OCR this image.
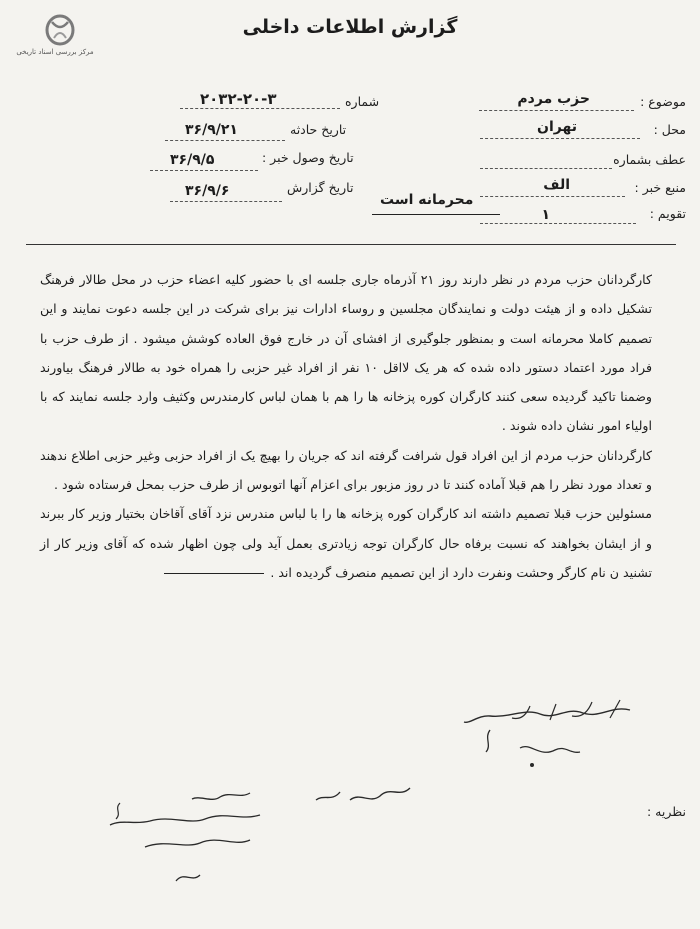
مرکز بررسی اسناد تاریخی
گزارش اطلاعات داخلی
موضوع :
حزب مردم
محل :
تهران
عطف بشماره
منبع خبر :
الف
تقویم :
۱
شماره
۲۰۳۲-۲۰-۳
تاریخ حادثه
۳۶/۹/۲۱
تاریخ وصول خبر :
۳۶/۹/۵
تاریخ گزارش
۳۶/۹/۶
محرمانه است

کارگردانان حزب مردم در نظر دارند روز ۲۱ آذرماه جاری جلسه ای با حضور کلیه اعضاء حزب در محل طالار فرهنگ تشکیل داده و از هیئت دولت و نمایندگان مجلسین و روساء ادارات نیز برای شرکت در این جلسه دعوت نمایند و این تصمیم کاملا محرمانه است و بمنظور جلوگیری از افشای آن در خارج فوق العاده کوشش میشود . از طرف حزب با فراد مورد اعتماد دستور داده شده که هر یک لااقل ۱۰ نفر از افراد غیر حزبی را همراه خود به طالار فرهنگ بیاورند وضمنا تاکید گردیده سعی کنند کارگران کوره پزخانه ها را هم با همان لباس کارمندرس وکثیف وارد جلسه نمایند که با اولیاء امور نشان داده شوند .

کارگردانان حزب مردم از این افراد قول شرافت گرفته اند که جریان را بهیچ یک از افراد حزبی وغیر حزبی اطلاع ندهند و تعداد مورد نظر را هم قبلا آماده کنند تا در روز مزبور برای اعزام آنها اتوبوس از طرف حزب بمحل فرستاده شود .

مسئولین حزب قبلا تصمیم داشته اند کارگران کوره پزخانه ها را با لباس مندرس نزد آقای آقاخان بختیار وزیر کار ببرند و از ایشان بخواهند که نسبت برفاه حال کارگران توجه زیادتری بعمل آید ولی چون اظهار شده که آقای وزیر کار از تشنید ن نام کارگر وحشت ونفرت دارد از این تصمیم منصرف گردیده اند .

نظریه :
